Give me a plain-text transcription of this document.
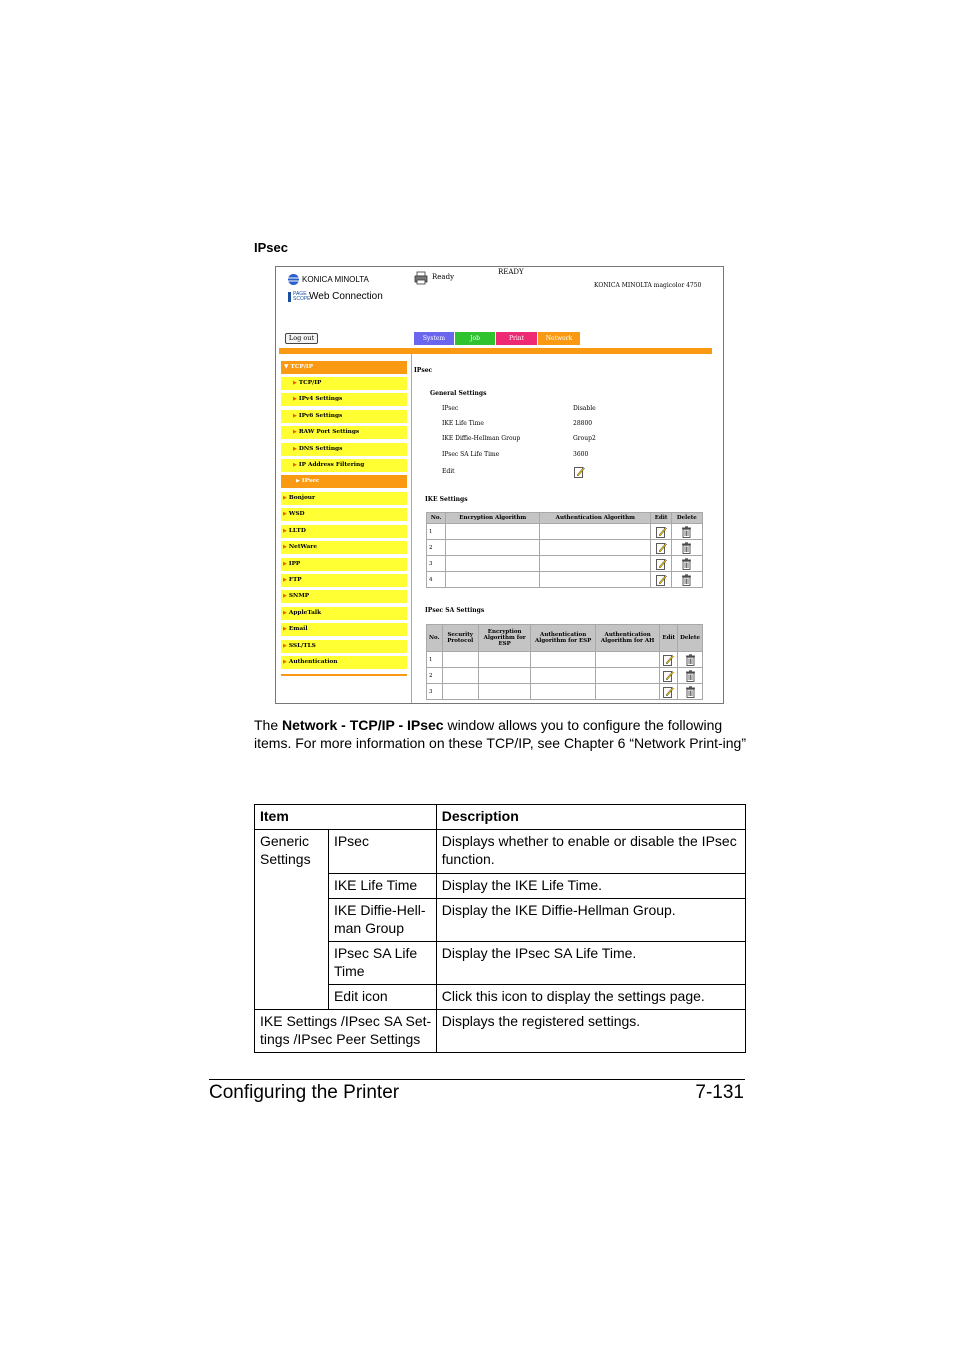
IPsec
KONICA MINOLTA
PAGE SCOPE
Web Connection
Ready
READY
KONICA MINOLTA magicolor 4750
Log out	System	Job	Print	Network
▼ TCP/IP
▶ TCP/IP
▶ IPv4 Settings
▶ IPv6 Settings
▶ RAW Port Settings
▶ DNS Settings
▶ IP Address Filtering
▶ IPsec
▶ Bonjour
▶ WSD
▶ LLTD
▶ NetWare
▶ IPP
▶ FTP
▶ SNMP
▶ AppleTalk
▶ Email
▶ SSL/TLS
▶ Authentication
IPsec
General Settings
IPsec	Disable
IKE Life Time	28800
IKE Diffie-Hellman Group	Group2
IPsec SA Life Time	3600
Edit
IKE Settings
No.	Encryption Algorithm	Authentication Algorithm	Edit	Delete
1				
2				
3				
4				
IPsec SA Settings
No.	Security Protocol	Encryption Algorithm for ESP	Authentication Algorithm for ESP	Authentication Algorithm for AH	Edit	Delete
1						
2						
3						

The Network - TCP/IP - IPsec window allows you to configure the following items. For more information on these TCP/IP, see Chapter 6 “Network Print-ing”

Item		Description
Generic Settings	IPsec	Displays whether to enable or disable the IPsec function.
	IKE Life Time	Display the IKE Life Time.
	IKE Diffie-Hell-man Group	Display the IKE Diffie-Hellman Group.
	IPsec SA Life Time	Display the IPsec SA Life Time.
	Edit icon	Click this icon to display the settings page.
IKE Settings /IPsec SA Set-tings /IPsec Peer Settings		Displays the registered settings.
Configuring the Printer	7-131
